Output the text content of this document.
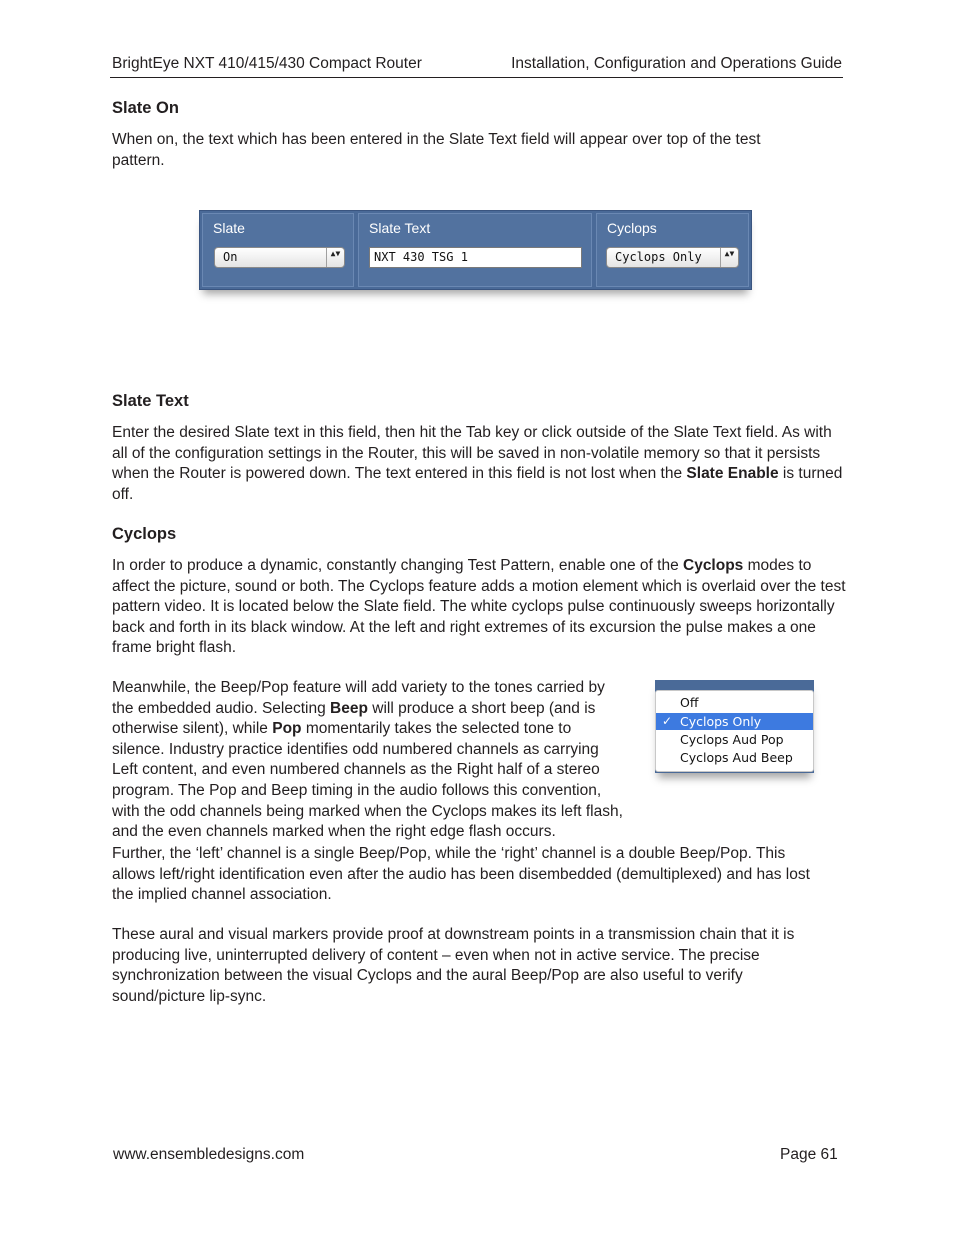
BrightEye NXT 410/415/430 Compact Router	Installation, Configuration and Operations Guide
Slate On
When on, the text which has been entered in the Slate Text field will appear over top of the test pattern.
Slate
On	▲▼
Slate Text
NXT 430 TSG 1
Cyclops
Cyclops Only	▲▼
Slate Text
Enter the desired Slate text in this field, then hit the Tab key or click outside of the Slate Text field. As with all of the configuration settings in the Router, this will be saved in non-volatile memory so that it persists when the Router is powered down. The text entered in this field is not lost when the Slate Enable is turned off.
Cyclops
In order to produce a dynamic, constantly changing Test Pattern, enable one of the Cyclops modes to affect the picture, sound or both. The Cyclops feature adds a motion element which is overlaid over the test pattern video. It is located below the Slate field. The white cyclops pulse continuously sweeps horizontally back and forth in its black window. At the left and right extremes of its excursion the pulse makes a one frame bright flash.
Meanwhile, the Beep/Pop feature will add variety to the tones carried by the embedded audio. Selecting Beep will produce a short beep (and is otherwise silent), while Pop momentarily takes the selected tone to silence. Industry practice identifies odd numbered channels as carrying Left content, and even numbered channels as the Right half of a stereo program. The Pop and Beep timing in the audio follows this convention, with the odd channels being marked when the Cyclops makes its left flash, and the even channels marked when the right edge flash occurs.
Further, the ‘left’ channel is a single Beep/Pop, while the ‘right’ channel is a double Beep/Pop. This allows left/right identification even after the audio has been disembedded (demultiplexed) and has lost the implied channel association.
These aural and visual markers provide proof at downstream points in a transmission chain that it is producing live, uninterrupted delivery of content – even when not in active service. The precise synchronization between the visual Cyclops and the aural Beep/Pop are also useful to verify sound/picture lip-sync.
Off
✓ Cyclops Only
Cyclops Aud Pop
Cyclops Aud Beep
www.ensembledesigns.com	Page 61
